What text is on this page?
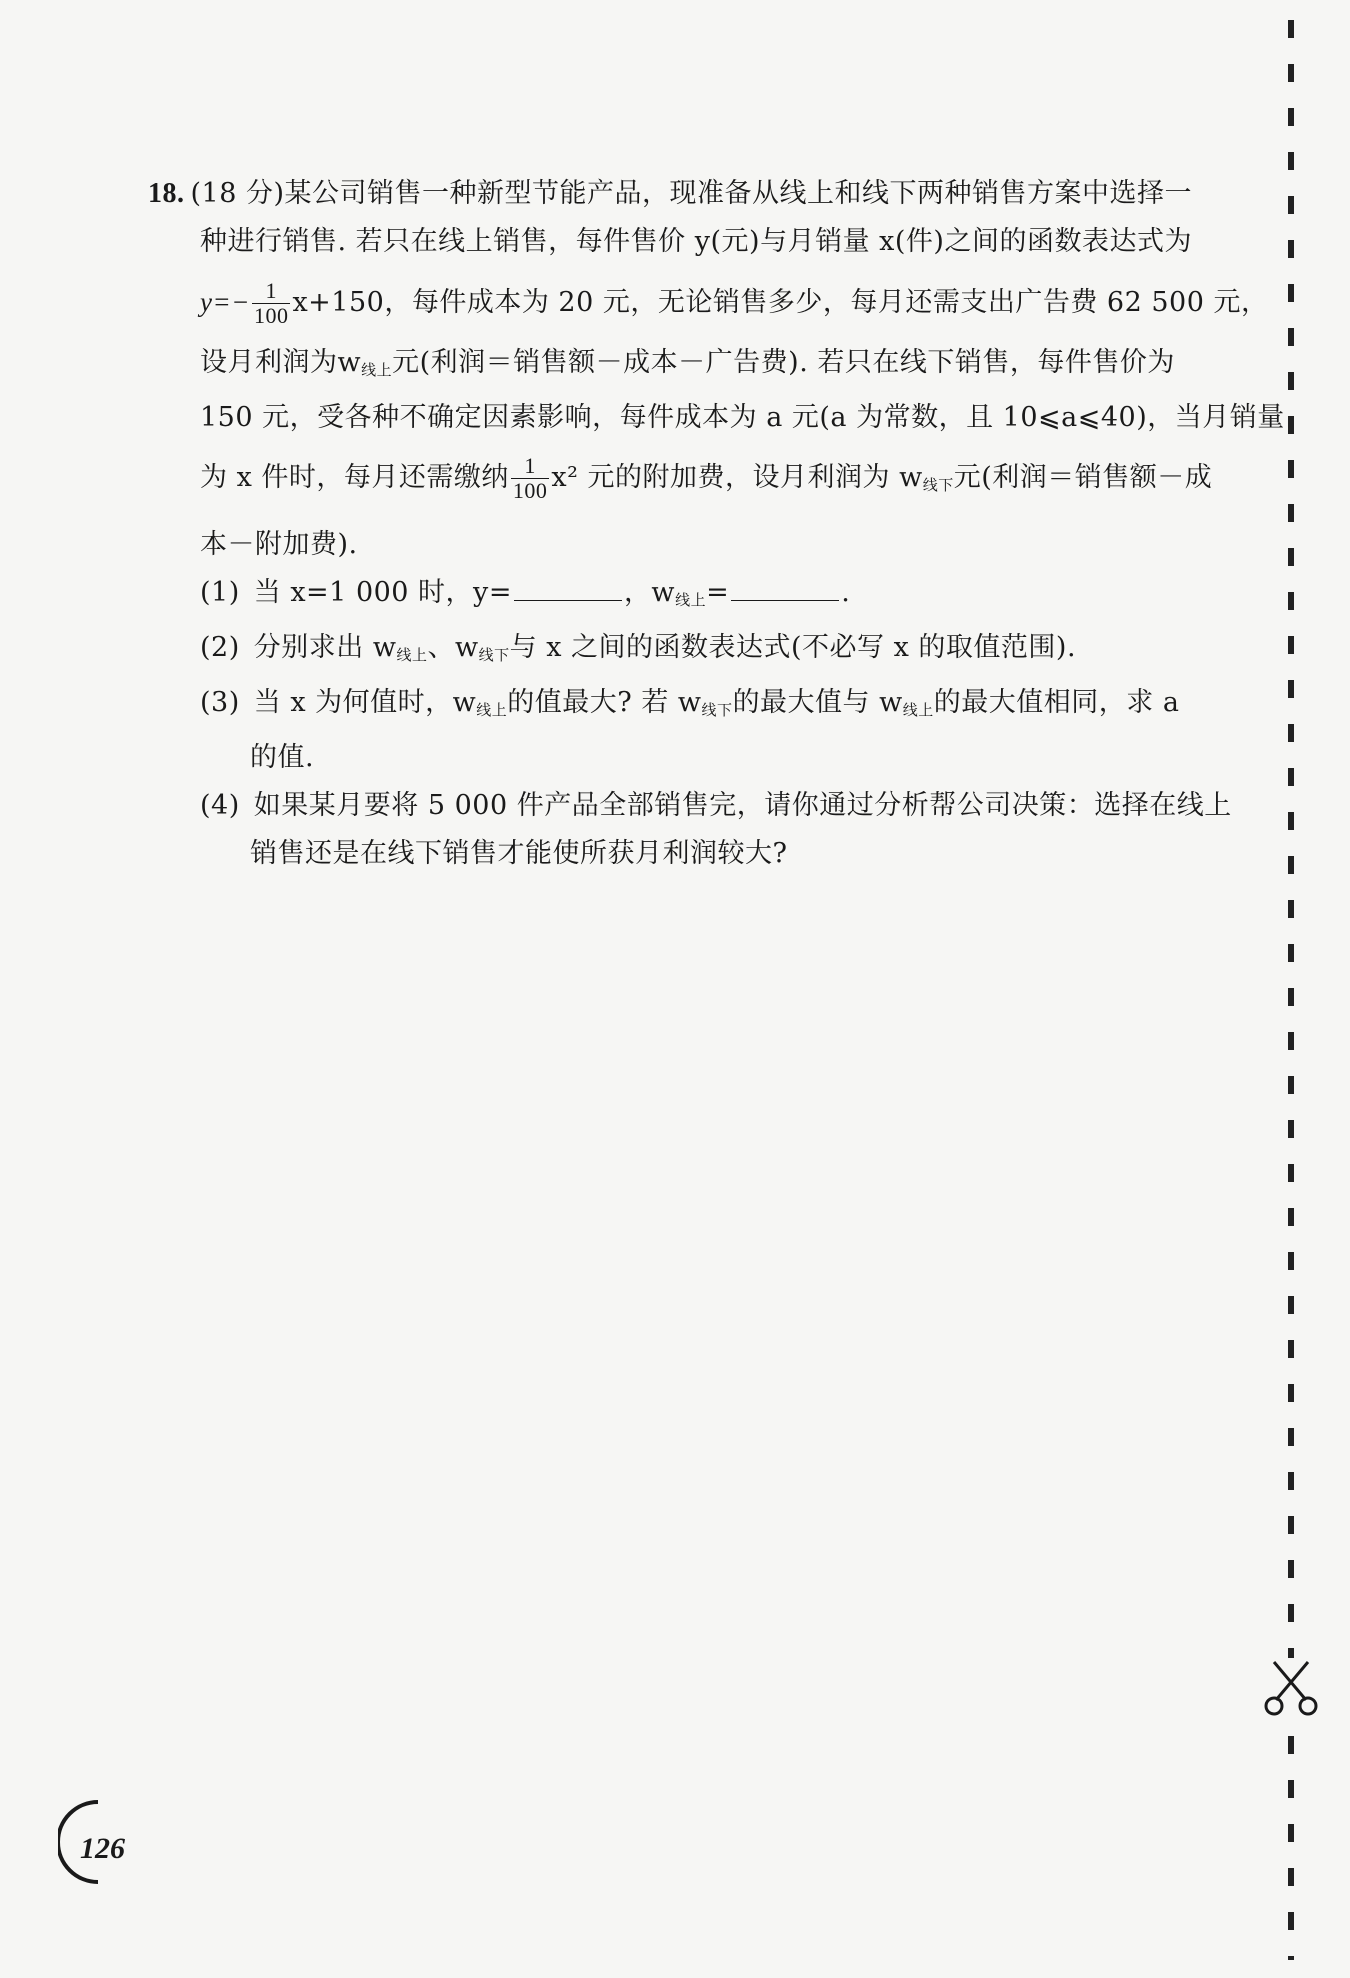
18. (18 分)某公司销售一种新型节能产品，现准备从线上和线下两种销售方案中选择一
种进行销售. 若只在线上销售，每件售价 y(元)与月销量 x(件)之间的函数表达式为
$y=- \frac{1}{100} x+150$，每件成本为 20 元，无论销售多少，每月还需支出广告费 62 500 元，
设月利润为$w_{线上}$元(利润＝销售额－成本－广告费). 若只在线下销售，每件售价为
150 元，受各种不确定因素影响，每件成本为 a 元(a 为常数，且 10⩽a⩽40)，当月销量
为 x 件时，每月还需缴纳 $\frac{1}{100} x^2$ 元的附加费，设月利润为 $w_{线下}$元(利润＝销售额－成
本－附加费).
(1) 当 x=1 000 时，y=	，$w_{线上}=$	.
(2) 分别求出 $w_{线上}$、$w_{线下}$与 x 之间的函数表达式(不必写 x 的取值范围).
(3) 当 x 为何值时，$w_{线上}$的值最大? 若 $w_{线下}$的最大值与 $w_{线上}$的最大值相同，求 a
的值.
(4) 如果某月要将 5 000 件产品全部销售完，请你通过分析帮公司决策：选择在线上
销售还是在线下销售才能使所获月利润较大?
126
